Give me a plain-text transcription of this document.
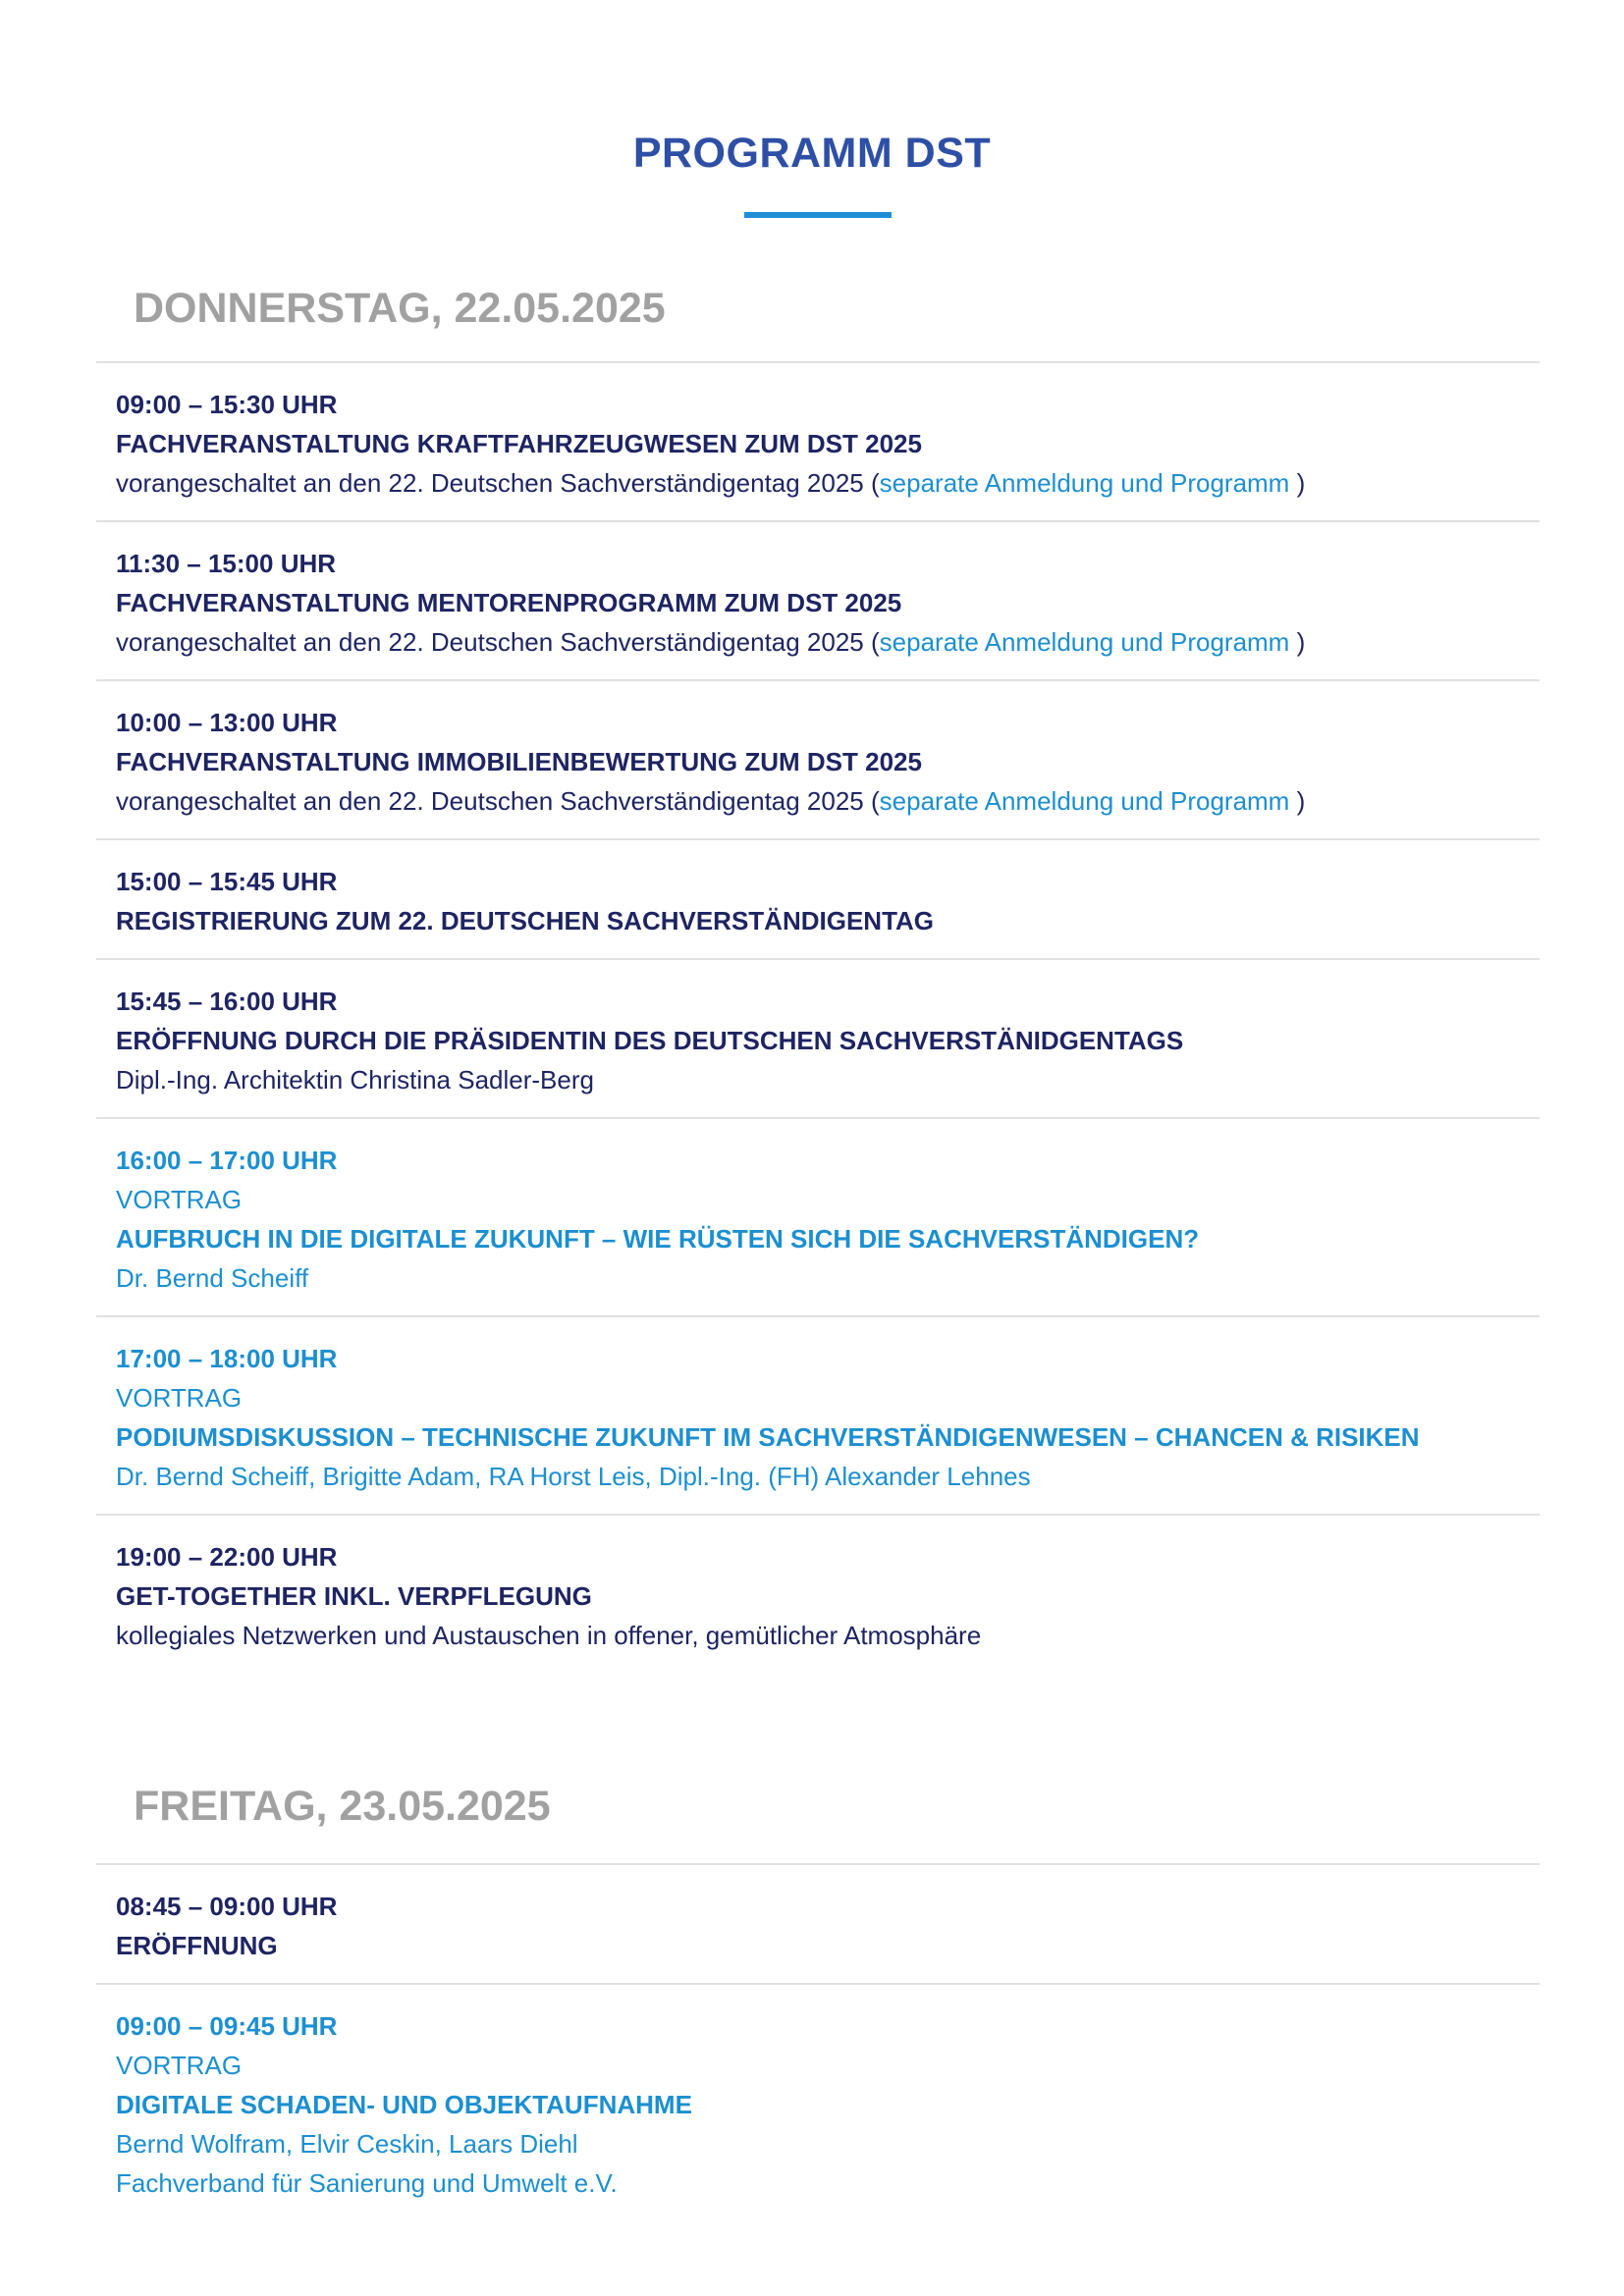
PROGRAMM DST
DONNERSTAG, 22.05.2025
09:00 – 15:30 UHR
FACHVERANSTALTUNG KRAFTFAHRZEUGWESEN ZUM DST 2025
vorangeschaltet an den 22. Deutschen Sachverständigentag 2025 (separate Anmeldung und Programm )
11:30 – 15:00 UHR
FACHVERANSTALTUNG MENTORENPROGRAMM ZUM DST 2025
vorangeschaltet an den 22. Deutschen Sachverständigentag 2025 (separate Anmeldung und Programm )
10:00 – 13:00 UHR
FACHVERANSTALTUNG IMMOBILIENBEWERTUNG ZUM DST 2025
vorangeschaltet an den 22. Deutschen Sachverständigentag 2025 (separate Anmeldung und Programm )
15:00 – 15:45 UHR
REGISTRIERUNG ZUM 22. DEUTSCHEN SACHVERSTÄNDIGENTAG
15:45 – 16:00 UHR
ERÖFFNUNG DURCH DIE PRÄSIDENTIN DES DEUTSCHEN SACHVERSTÄNIDGENTAGS
Dipl.-Ing. Architektin Christina Sadler-Berg
16:00 – 17:00 UHR
VORTRAG
AUFBRUCH IN DIE DIGITALE ZUKUNFT – WIE RÜSTEN SICH DIE SACHVERSTÄNDIGEN?
Dr. Bernd Scheiff
17:00 – 18:00 UHR
VORTRAG
PODIUMSDISKUSSION – TECHNISCHE ZUKUNFT IM SACHVERSTÄNDIGENWESEN – CHANCEN & RISIKEN
Dr. Bernd Scheiff, Brigitte Adam, RA Horst Leis, Dipl.-Ing. (FH) Alexander Lehnes
19:00 – 22:00 UHR
GET-TOGETHER INKL. VERPFLEGUNG
kollegiales Netzwerken und Austauschen in offener, gemütlicher Atmosphäre
FREITAG, 23.05.2025
08:45 – 09:00 UHR
ERÖFFNUNG
09:00 – 09:45 UHR
VORTRAG
DIGITALE SCHADEN- UND OBJEKTAUFNAHME
Bernd Wolfram, Elvir Ceskin, Laars Diehl
Fachverband für Sanierung und Umwelt e.V.
